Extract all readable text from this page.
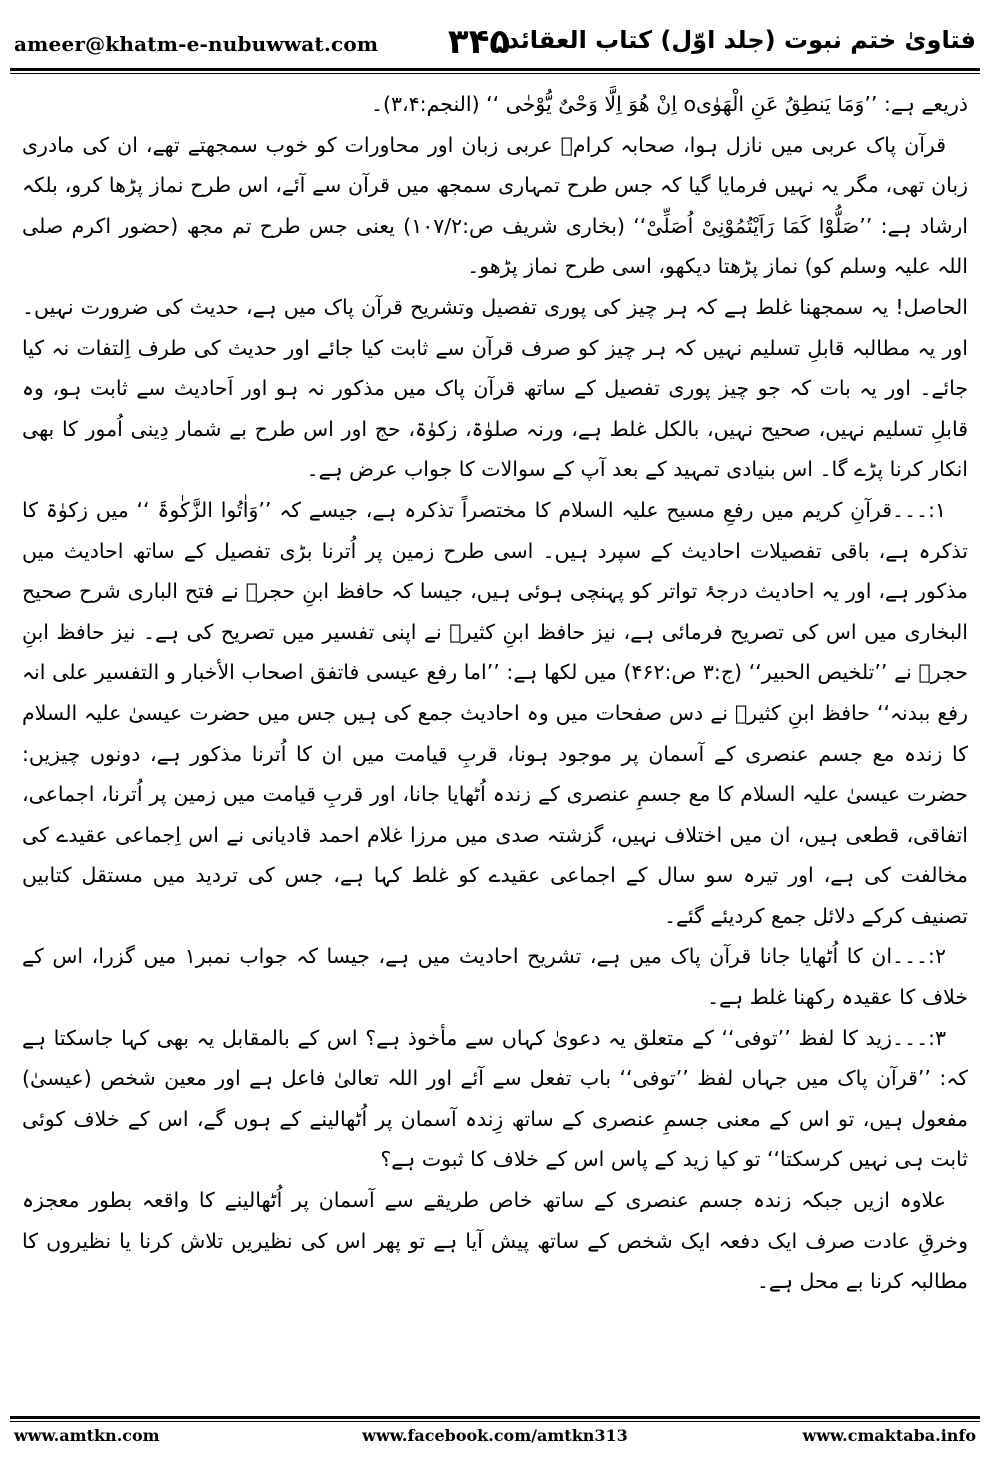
ameer@khatm-e-nubuwwat.com	۳۴۵
فتاویٰ ختم نبوت (جلد اوّل) کتاب العقائد

ذریعے ہے: ’’وَمَا یَنطِقُ عَنِ الْھَوٰیo اِنْ ھُوَ اِلَّا وَحْیٌ یُّوْحٰی ‘‘ (النجم:۳،۴)۔

قرآن پاک عربی میں نازل ہوا، صحابہ کرامؓ عربی زبان اور محاورات کو خوب سمجھتے تھے، ان کی مادری زبان تھی، مگر یہ نہیں فرمایا گیا کہ جس طرح تمہاری سمجھ میں قرآن سے آئے، اس طرح نماز پڑھا کرو، بلکہ ارشاد ہے: ’’صَلُّوْا کَمَا رَاَیْتُمُوْنِیْ اُصَلِّیْ‘‘ (بخاری شریف ص:۱۰۷/۲) یعنی جس طرح تم مجھ (حضور اکرم صلی اللہ علیہ وسلم کو) نماز پڑھتا دیکھو، اسی طرح نماز پڑھو۔

الحاصل! یہ سمجھنا غلط ہے کہ ہر چیز کی پوری تفصیل وتشریح قرآن پاک میں ہے، حدیث کی ضرورت نہیں۔ اور یہ مطالبہ قابلِ تسلیم نہیں کہ ہر چیز کو صرف قرآن سے ثابت کیا جائے اور حدیث کی طرف اِلتفات نہ کیا جائے۔ اور یہ بات کہ جو چیز پوری تفصیل کے ساتھ قرآن پاک میں مذکور نہ ہو اور اَحادیث سے ثابت ہو، وہ قابلِ تسلیم نہیں، صحیح نہیں، بالکل غلط ہے، ورنہ صلوٰۃ، زکوٰۃ، حج اور اس طرح بے شمار دِینی اُمور کا بھی انکار کرنا پڑے گا۔ اس بنیادی تمہید کے بعد آپ کے سوالات کا جواب عرض ہے۔

۱:۔۔۔قرآنِ کریم میں رفعِ مسیح علیہ السلام کا مختصراً تذکرہ ہے، جیسے کہ ’’وَاٰتُوا الزَّکٰوۃَ ‘‘ میں زکوٰۃ کا تذکرہ ہے، باقی تفصیلات احادیث کے سپرد ہیں۔ اسی طرح زمین پر اُترنا بڑی تفصیل کے ساتھ احادیث میں مذکور ہے، اور یہ احادیث درجۂ تواتر کو پہنچی ہوئی ہیں، جیسا کہ حافظ ابنِ حجرؒ نے فتح الباری شرح صحیح البخاری میں اس کی تصریح فرمائی ہے، نیز حافظ ابنِ کثیرؒ نے اپنی تفسیر میں تصریح کی ہے۔ نیز حافظ ابنِ حجرؒ نے ’’تلخیص الحبیر‘‘ (ج:۳ ص:۴۶۲) میں لکھا ہے: ’’اما رفع عیسی فاتفق اصحاب الأخبار و التفسیر علی انہ رفع ببدنہ‘‘ حافظ ابنِ کثیرؒ نے دس صفحات میں وہ احادیث جمع کی ہیں جس میں حضرت عیسیٰ علیہ السلام کا زندہ مع جسم عنصری کے آسمان پر موجود ہونا، قربِ قیامت میں ان کا اُترنا مذکور ہے، دونوں چیزیں: حضرت عیسیٰ علیہ السلام کا مع جسمِ عنصری کے زندہ اُٹھایا جانا، اور قربِ قیامت میں زمین پر اُترنا، اجماعی، اتفاقی، قطعی ہیں، ان میں اختلاف نہیں، گزشتہ صدی میں مرزا غلام احمد قادیانی نے اس اِجماعی عقیدے کی مخالفت کی ہے، اور تیرہ سو سال کے اجماعی عقیدے کو غلط کہا ہے، جس کی تردید میں مستقل کتابیں تصنیف کرکے دلائل جمع کردیئے گئے۔

۲:۔۔۔ان کا اُٹھایا جانا قرآن پاک میں ہے، تشریح احادیث میں ہے، جیسا کہ جواب نمبر۱ میں گزرا، اس کے خلاف کا عقیدہ رکھنا غلط ہے۔

۳:۔۔۔زید کا لفظ ’’توفی‘‘ کے متعلق یہ دعویٰ کہاں سے مأخوذ ہے؟ اس کے بالمقابل یہ بھی کہا جاسکتا ہے کہ: ’’قرآن پاک میں جہاں لفظ ’’توفی‘‘ باب تفعل سے آئے اور اللہ تعالیٰ فاعل ہے اور معین شخص (عیسیٰ) مفعول ہیں، تو اس کے معنی جسمِ عنصری کے ساتھ زِندہ آسمان پر اُٹھالینے کے ہوں گے، اس کے خلاف کوئی ثابت ہی نہیں کرسکتا‘‘ تو کیا زید کے پاس اس کے خلاف کا ثبوت ہے؟

علاوہ ازیں جبکہ زندہ جسم عنصری کے ساتھ خاص طریقے سے آسمان پر اُٹھالینے کا واقعہ بطور معجزہ وخرقِ عادت صرف ایک دفعہ ایک شخص کے ساتھ پیش آیا ہے تو پھر اس کی نظیریں تلاش کرنا یا نظیروں کا مطالبہ کرنا بے محل ہے۔

www.amtkn.com	www.facebook.com/amtkn313	www.cmaktaba.info
